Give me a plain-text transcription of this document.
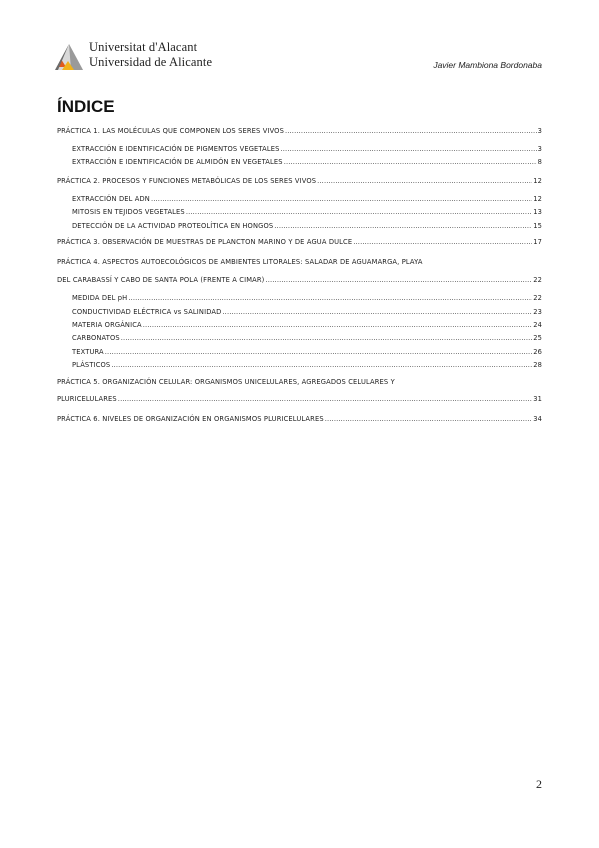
Universitat d'Alacant
Universidad de Alicante	Javier Mambiona Bordonaba
ÍNDICE
PRÁCTICA 1. LAS MOLÉCULAS QUE COMPONEN LOS SERES VIVOS .....	3
EXTRACCIÓN E IDENTIFICACIÓN DE PIGMENTOS VEGETALES .....	3
EXTRACCIÓN E IDENTIFICACIÓN DE ALMIDÓN EN VEGETALES .....	8
PRÁCTICA 2. PROCESOS Y FUNCIONES METABÓLICAS DE LOS SERES VIVOS .....	12
EXTRACCIÓN DEL ADN .....	12
MITOSIS EN TEJIDOS VEGETALES .....	13
DETECCIÓN DE LA ACTIVIDAD PROTEOLÍTICA EN HONGOS .....	15
PRÁCTICA 3. OBSERVACIÓN DE MUESTRAS DE PLANCTON MARINO Y DE AGUA DULCE .....	17
PRÁCTICA 4. ASPECTOS AUTOECOLÓGICOS DE AMBIENTES LITORALES: SALADAR DE AGUAMARGA, PLAYA
DEL CARABASSÍ Y CABO DE SANTA POLA (FRENTE A CIMAR) .....	22
MEDIDA DEL pH .....	22
CONDUCTIVIDAD ELÉCTRICA vs SALINIDAD .....	23
MATERIA ORGÁNICA .....	24
CARBONATOS .....	25
TEXTURA .....	26
PLÁSTICOS .....	28
PRÁCTICA 5. ORGANIZACIÓN CELULAR: ORGANISMOS UNICELULARES, AGREGADOS CELULARES Y
PLURICELULARES .....	31
PRÁCTICA 6. NIVELES DE ORGANIZACIÓN EN ORGANISMOS PLURICELULARES .....	34
2
